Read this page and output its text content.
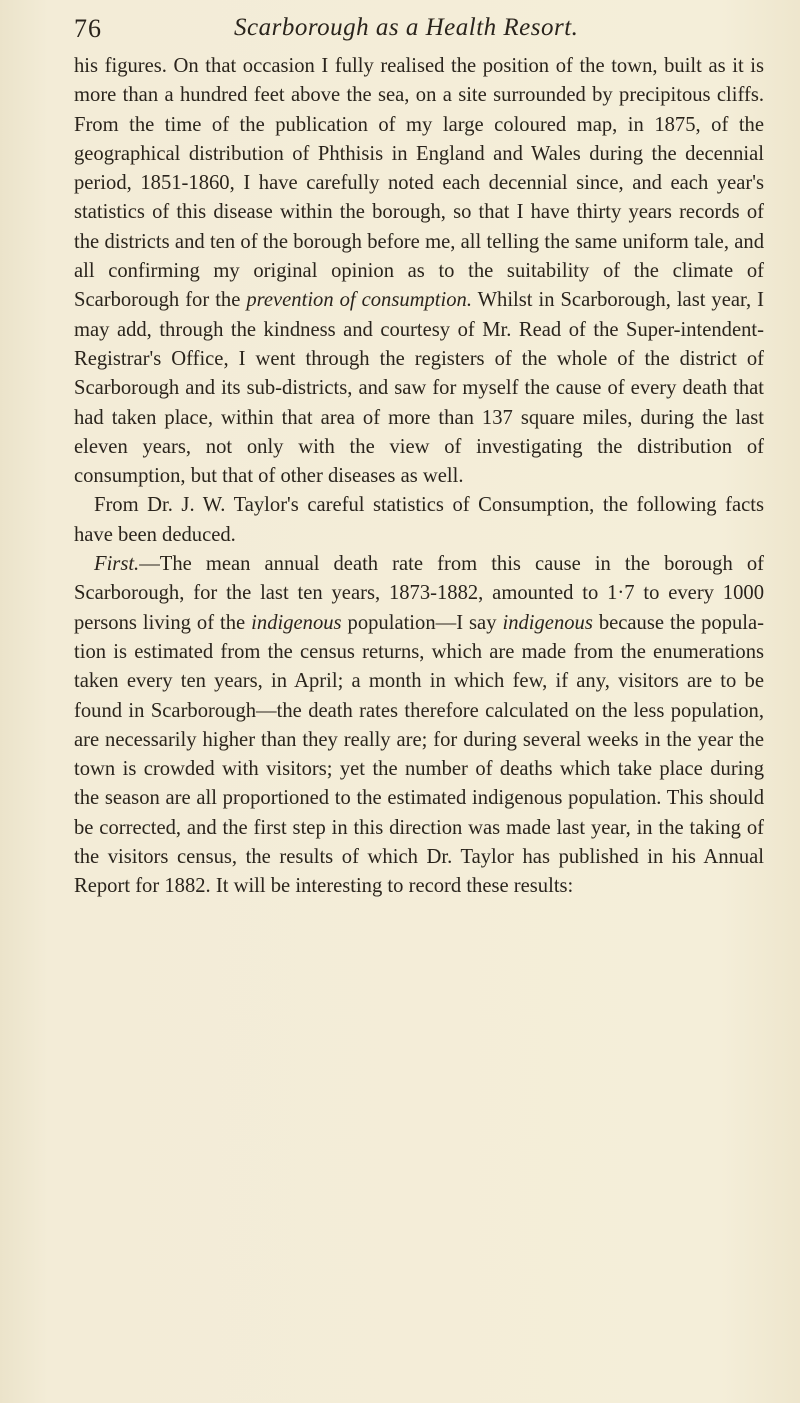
76	Scarborough as a Health Resort.

his figures. On that occasion I fully realised the position of the town, built as it is more than a hundred feet above the sea, on a site surrounded by precipitous cliffs. From the time of the publication of my large coloured map, in 1875, of the geographical distribution of Phthisis in England and Wales during the decennial period, 1851-1860, I have carefully noted each decennial since, and each year's statistics of this disease within the borough, so that I have thirty years records of the districts and ten of the borough before me, all telling the same uniform tale, and all confirming my original opinion as to the suitability of the climate of Scarborough for the prevention of consumption. Whilst in Scarborough, last year, I may add, through the kindness and courtesy of Mr. Read of the Super-intendent-Registrar's Office, I went through the registers of the whole of the district of Scarborough and its sub-districts, and saw for myself the cause of every death that had taken place, within that area of more than 137 square miles, during the last eleven years, not only with the view of investigating the distribution of consumption, but that of other diseases as well.

From Dr. J. W. Taylor's careful statistics of Consumption, the following facts have been deduced.

First.—The mean annual death rate from this cause in the borough of Scarborough, for the last ten years, 1873-1882, amounted to 1·7 to every 1000 persons living of the indigenous population—I say indigenous because the popula-tion is estimated from the census returns, which are made from the enumerations taken every ten years, in April; a month in which few, if any, visitors are to be found in Scarborough—the death rates therefore calculated on the less population, are necessarily higher than they really are; for during several weeks in the year the town is crowded with visitors; yet the number of deaths which take place during the season are all proportioned to the estimated indigenous population. This should be corrected, and the first step in this direction was made last year, in the taking of the visitors census, the results of which Dr. Taylor has published in his Annual Report for 1882. It will be interesting to record these results:
